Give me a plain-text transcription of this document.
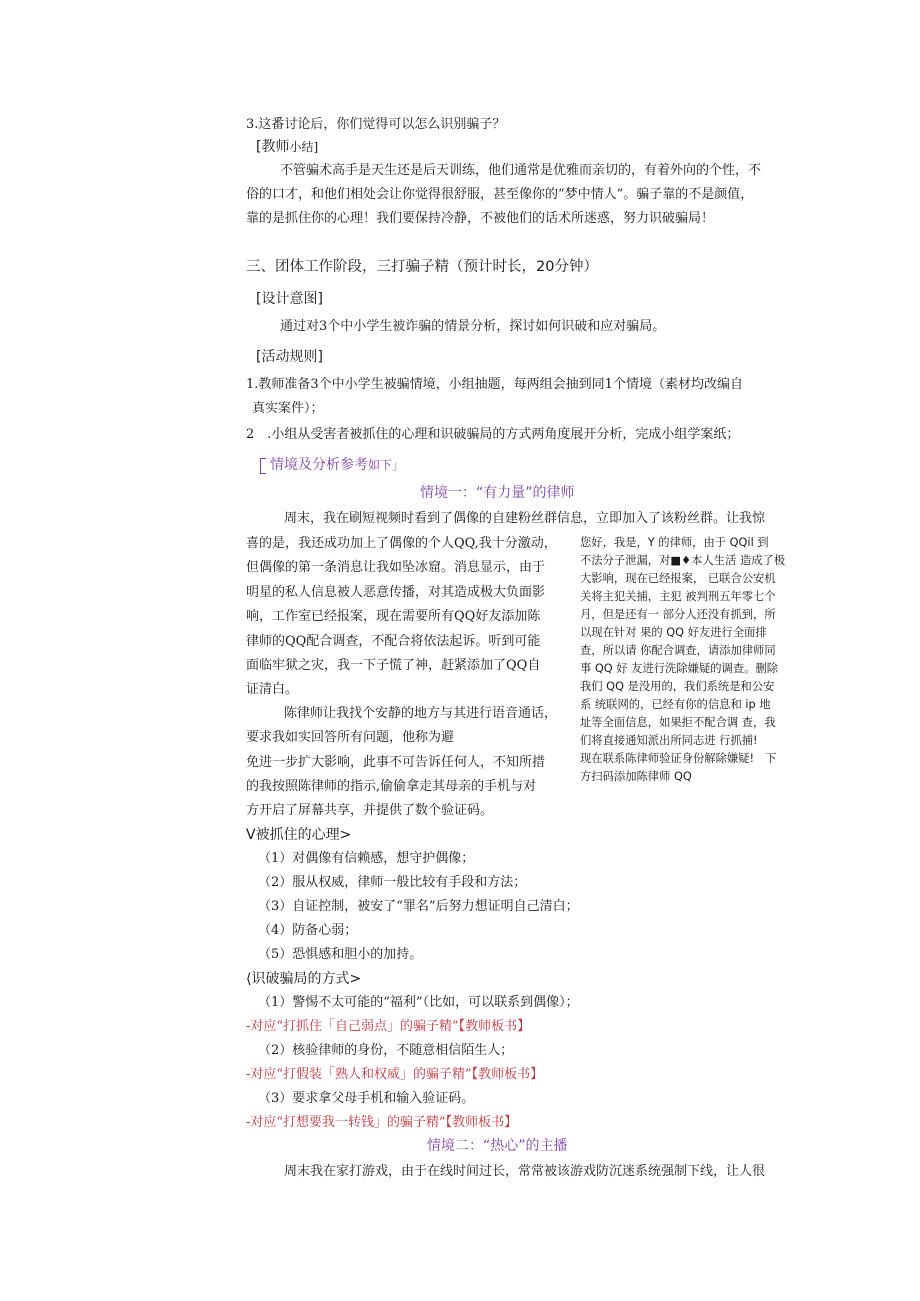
3.这番讨论后，你们觉得可以怎么识别骗子？
[教师小结]
不管骗术高手是天生还是后天训练，他们通常是优雅而亲切的，有着外向的个性，不
俗的口才，和他们相处会让你觉得很舒服，甚至像你的“梦中情人”。骗子靠的不是颜值，
靠的是抓住你的心理！我们要保持冷静，不被他们的话术所迷惑，努力识破骗局！
三、团体工作阶段，三打骗子精（预计时长，20分钟）
[设计意图]
通过对3个中小学生被诈骗的情景分析，探讨如何识破和应对骗局。
[活动规则]
1.教师准备3个中小学生被骗情境，小组抽题，每两组会抽到同1个情境（素材均改编自
真实案件）；
2　.小组从受害者被抓住的心理和识破骗局的方式两角度展开分析，完成小组学案纸；
情境及分析参考如下」
情境一：“有力量”的律师
周末，我在刷短视频时看到了偶像的自建粉丝群信息，立即加入了该粉丝群。让我惊
喜的是，我还成功加上了偶像的个人QQ,我十分激动，
但偶像的第一条消息让我如坠冰窟。消息显示，由于
明星的私人信息被人恶意传播，对其造成极大负面影
响，工作室已经报案，现在需要所有QQ好友添加陈
律师的QQ配合调查，不配合将依法起诉。听到可能
面临牢狱之灾，我一下子慌了神，赶紧添加了QQ自
证清白。
陈律师让我找个安静的地方与其进行语音通话，
要求我如实回答所有问题，他称为避
免进一步扩大影响，此事不可告诉任何人，不知所措
的我按照陈律师的指示,偷偷拿走其母亲的手机与对
方开启了屏幕共享，并提供了数个验证码。
您好，我是，Y 的律师，由于 QQil 到
不法分子泄漏，对■♦本人生活 造成了极
大影响，现在已经报案， 已联合公安机
关将主犯关捕，主犯 被判刑五年零七个
月，但是还有一 部分人还没有抓到，所
以现在针对 果的 QQ 好友进行全面排
查，所以请 你配合调查，请添加律师同
事 QQ 好 友进行洗除嫌疑的调查。删除
我们 QQ 是没用的，我们系统是和公安
系 统联网的，已经有你的信息和 ip 地
址等全面信息，如果拒不配合调 查，我
们将直接通知派出所同志进 行抓捕!
现在联系陈律师验证身份解除嫌疑!　下
方扫码添加陈律师 QQ
V被抓住的心理>
（1）对偶像有信赖感，想守护偶像；
（2）服从权威，律师一般比较有手段和方法；
（3）自证控制，被安了“罪名”后努力想证明自己清白；
（4）防备心弱；
（5）恐惧感和胆小的加持。
⟨识破骗局的方式>
（1）警惕不太可能的“福利”（比如，可以联系到偶像）；
-对应“打抓住「自己弱点」的骗子精”【教师板书】
（2）核验律师的身份，不随意相信陌生人；
-对应“打假装「熟人和权威」的骗子精”【教师板书】
（3）要求拿父母手机和输入验证码。
-对应“打想要我一转钱」的骗子精”【教师板书】
情境二：“热心”的主播
周末我在家打游戏，由于在线时间过长，常常被该游戏防沉迷系统强制下线，让人很
